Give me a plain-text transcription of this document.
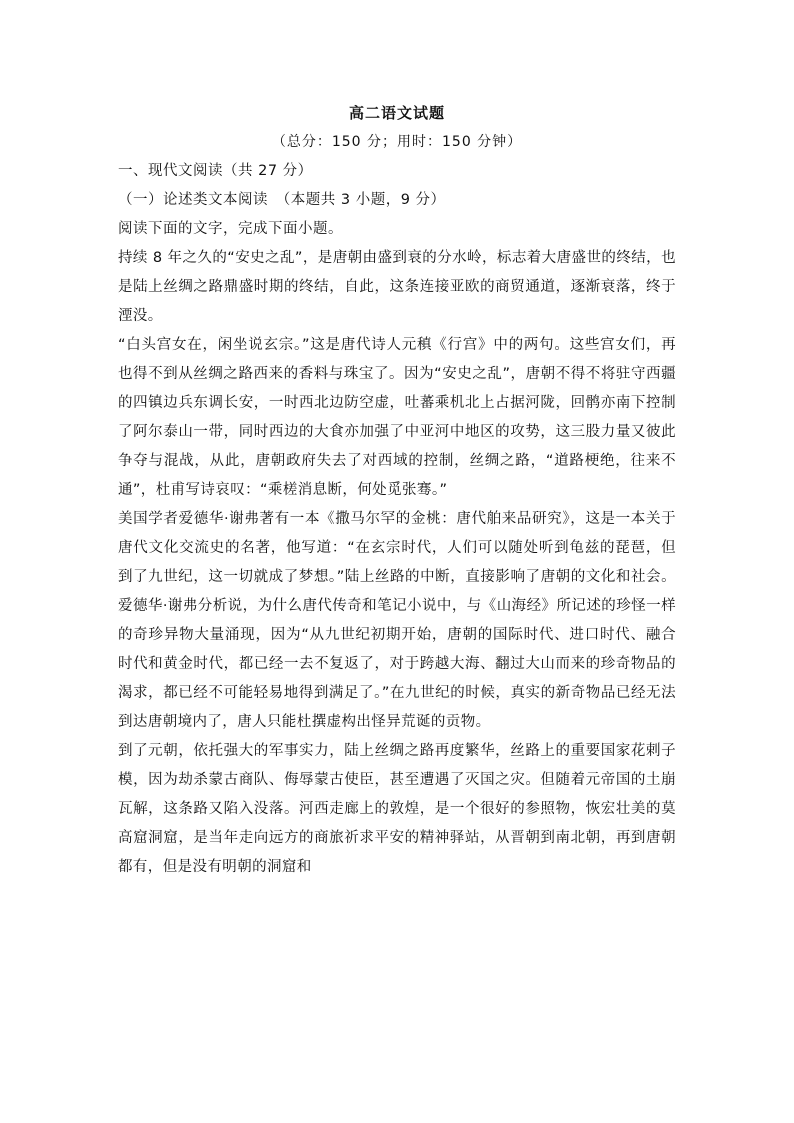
高二语文试题
（总分：150 分；用时：150 分钟）
一、现代文阅读（共 27 分）
（一）论述类文本阅读　（本题共 3 小题，9 分）
阅读下面的文字，完成下面小题。

持续 8 年之久的“安史之乱”，是唐朝由盛到衰的分水岭，标志着大唐盛世的终结，也是陆上丝绸之路鼎盛时期的终结，自此，这条连接亚欧的商贸通道，逐渐衰落，终于湮没。

“白头宫女在，闲坐说玄宗。”这是唐代诗人元稹《行宫》中的两句。这些宫女们，再也得不到从丝绸之路西来的香料与珠宝了。因为“安史之乱”，唐朝不得不将驻守西疆的四镇边兵东调长安，一时西北边防空虚，吐蕃乘机北上占据河陇，回鹘亦南下控制了阿尔泰山一带，同时西边的大食亦加强了中亚河中地区的攻势，这三股力量又彼此争夺与混战，从此，唐朝政府失去了对西域的控制，丝绸之路，“道路梗绝，往来不通”，杜甫写诗哀叹：“乘槎消息断，何处觅张骞。”

美国学者爱德华·谢弗著有一本《撒马尔罕的金桃：唐代舶来品研究》，这是一本关于唐代文化交流史的名著，他写道：“在玄宗时代，人们可以随处听到龟兹的琵琶，但到了九世纪，这一切就成了梦想。”陆上丝路的中断，直接影响了唐朝的文化和社会。爱德华·谢弗分析说，为什么唐代传奇和笔记小说中，与《山海经》所记述的珍怪一样的奇珍异物大量涌现，因为“从九世纪初期开始，唐朝的国际时代、进口时代、融合时代和黄金时代，都已经一去不复返了，对于跨越大海、翻过大山而来的珍奇物品的渴求，都已经不可能轻易地得到满足了。”在九世纪的时候，真实的新奇物品已经无法到达唐朝境内了，唐人只能杜撰虚构出怪异荒诞的贡物。

到了元朝，依托强大的军事实力，陆上丝绸之路再度繁华，丝路上的重要国家花剌子模，因为劫杀蒙古商队、侮辱蒙古使臣，甚至遭遇了灭国之灾。但随着元帝国的土崩瓦解，这条路又陷入没落。河西走廊上的敦煌，是一个很好的参照物，恢宏壮美的莫高窟洞窟，是当年走向远方的商旅祈求平安的精神驿站，从晋朝到南北朝，再到唐朝都有，但是没有明朝的洞窟和
